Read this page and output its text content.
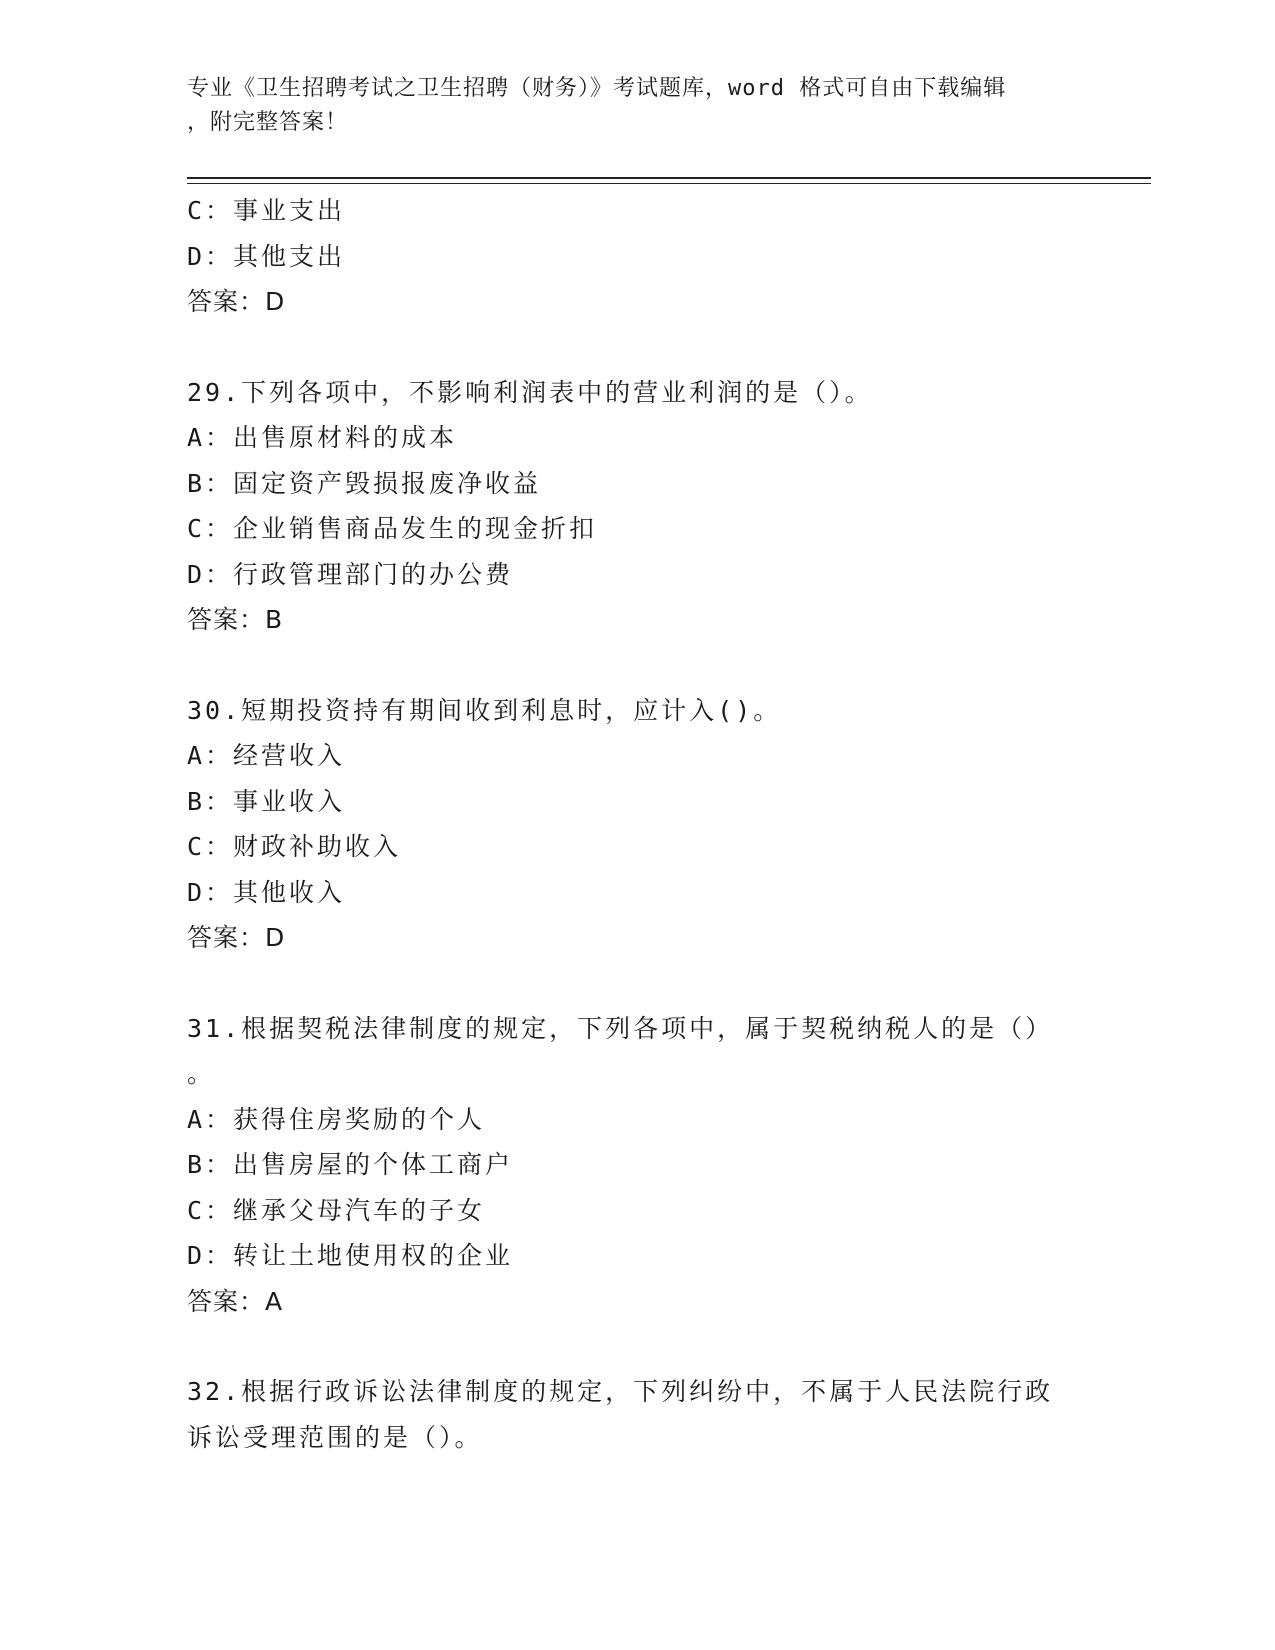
专业《卫生招聘考试之卫生招聘（财务）》考试题库，word 格式可自由下载编辑
，附完整答案！
C：事业支出
D：其他支出
答案：D
29.下列各项中，不影响利润表中的营业利润的是（）。
A：出售原材料的成本
B：固定资产毁损报废净收益
C：企业销售商品发生的现金折扣
D：行政管理部门的办公费
答案：B
30.短期投资持有期间收到利息时，应计入()。
A：经营收入
B：事业收入
C：财政补助收入
D：其他收入
答案：D
31.根据契税法律制度的规定，下列各项中，属于契税纳税人的是（）
。
A：获得住房奖励的个人
B：出售房屋的个体工商户
C：继承父母汽车的子女
D：转让土地使用权的企业
答案：A
32.根据行政诉讼法律制度的规定，下列纠纷中，不属于人民法院行政
诉讼受理范围的是（）。
